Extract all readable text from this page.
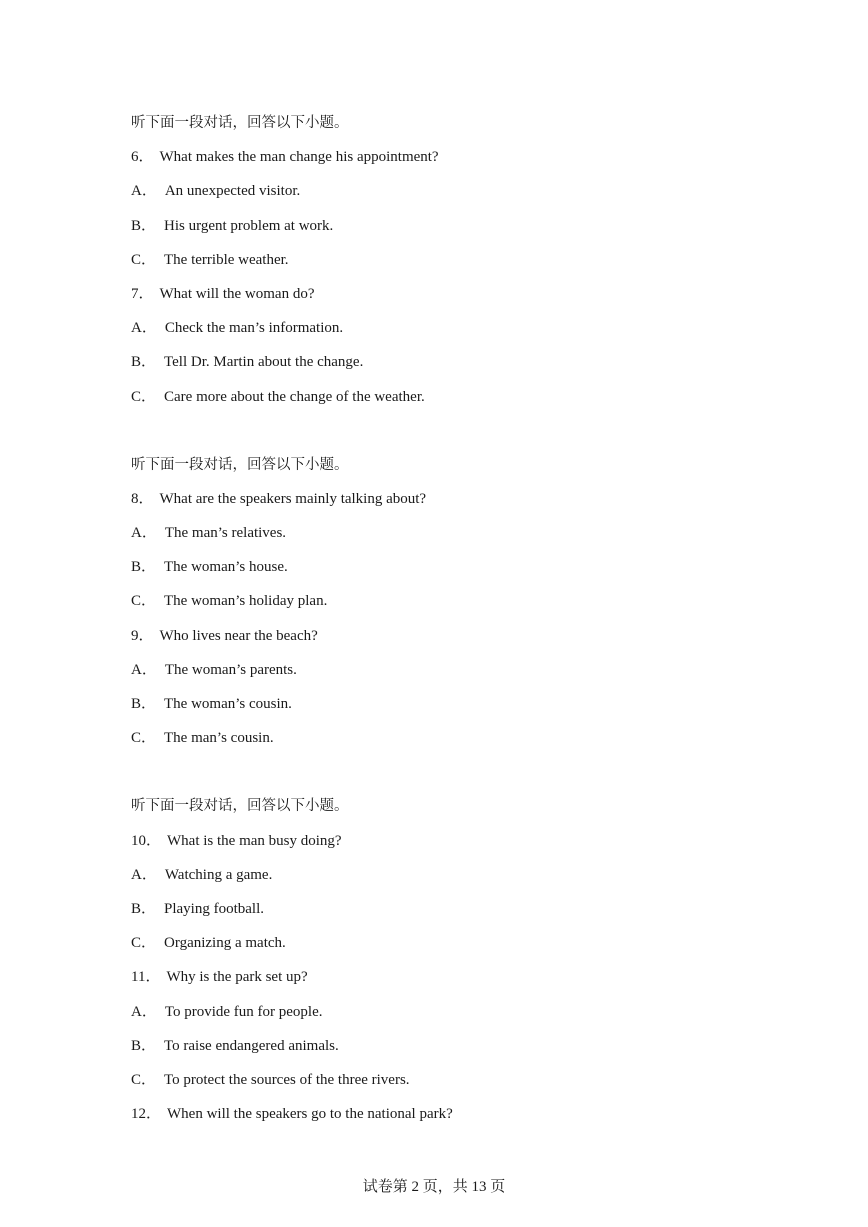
听下面一段对话，回答以下小题。
6． What makes the man change his appointment?
A． An unexpected visitor.
B． His urgent problem at work.
C． The terrible weather.
7． What will the woman do?
A． Check the man’s information.
B． Tell Dr. Martin about the change.
C． Care more about the change of the weather.
听下面一段对话，回答以下小题。
8． What are the speakers mainly talking about?
A． The man’s relatives.
B． The woman’s house.
C． The woman’s holiday plan.
9． Who lives near the beach?
A． The woman’s parents.
B． The woman’s cousin.
C． The man’s cousin.
听下面一段对话，回答以下小题。
10． What is the man busy doing?
A． Watching a game.
B． Playing football.
C． Organizing a match.
11． Why is the park set up?
A． To provide fun for people.
B． To raise endangered animals.
C． To protect the sources of the three rivers.
12． When will the speakers go to the national park?
试卷第 2 页，共 13 页
